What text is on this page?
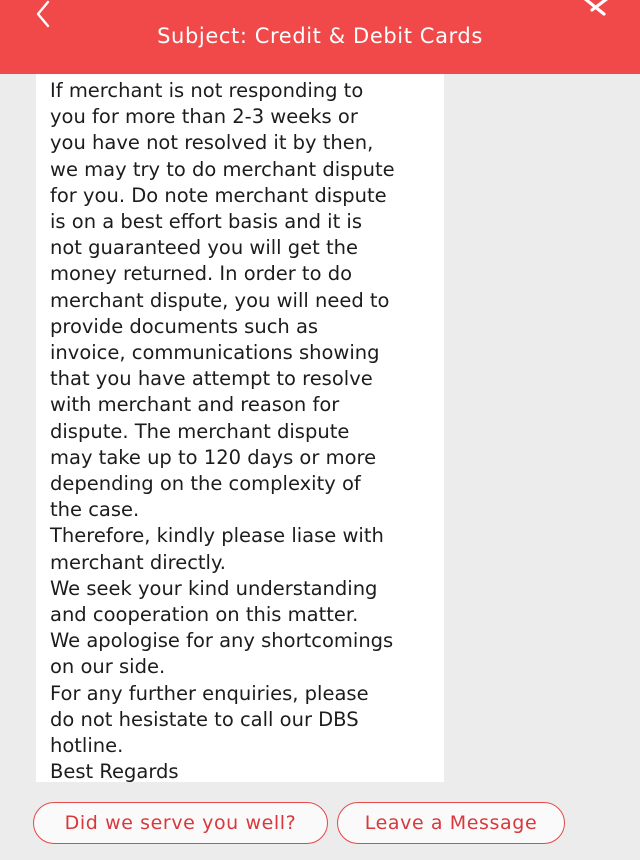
Subject: Credit & Debit Cards

If merchant is not responding to
you for more than 2-3 weeks or
you have not resolved it by then,
we may try to do merchant dispute
for you. Do note merchant dispute
is on a best effort basis and it is
not guaranteed you will get the
money returned. In order to do
merchant dispute, you will need to
provide documents such as
invoice, communications showing
that you have attempt to resolve
with merchant and reason for
dispute. The merchant dispute
may take up to 120 days or more
depending on the complexity of
the case.
Therefore, kindly please liase with
merchant directly.
We seek your kind understanding
and cooperation on this matter.
We apologise for any shortcomings
on our side.
For any further enquiries, please
do not hesistate to call our DBS
hotline.
Best Regards

Did we serve you well?	Leave a Message
